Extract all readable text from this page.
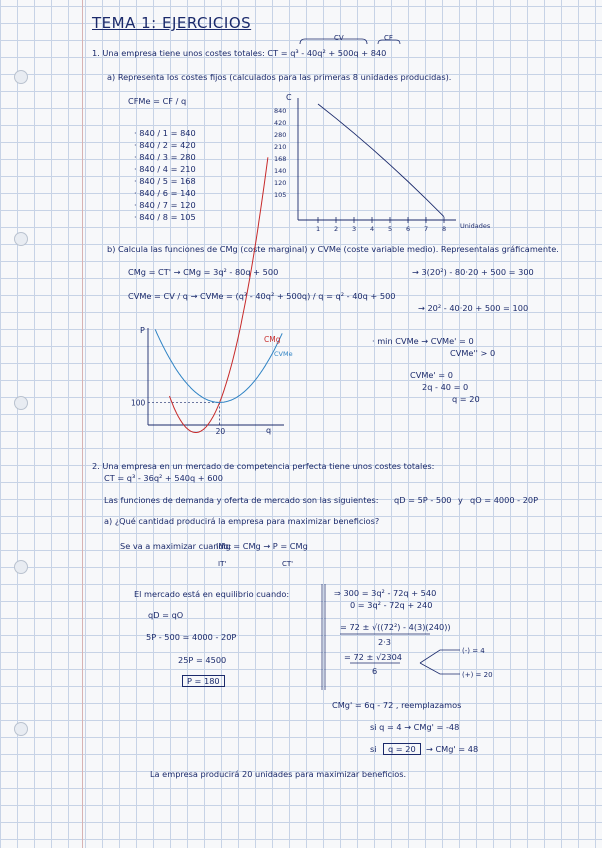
TEMA 1: EJERCICIOS
CV	CF
1. Una empresa tiene unos costes totales: CT = q³ - 40q² + 500q + 840
a) Representa los costes fijos (calculados para las primeras 8 unidades producidas).
CFMe = CF / q
· 840 / 1 = 840
· 840 / 2 = 420
· 840 / 3 = 280
· 840 / 4 = 210
· 840 / 5 = 168
· 840 / 6 = 140
· 840 / 7 = 120
· 840 / 8 = 105
C
Unidades
840
420
280
210
168
140
120
105
1 2 3 4 5 6 7 8
b) Calcula las funciones de CMg (coste marginal) y CVMe (coste variable medio). Representalas gráficamente.
CMg = CT' → CMg = 3q² - 80q + 500	→ 3(20²) - 80·20 + 500 = 300
CVMe = CV / q → CVMe = (q³ - 40q² + 500q) / q = q² - 40q + 500
→ 20² - 40·20 + 500 = 100
P
q
100
20
CMg
CVMe
· min CVMe → CVMe' = 0
CVMe'' > 0
CVMe' = 0
2q - 40 = 0
q = 20
2. Una empresa en un mercado de competencia perfecta tiene unos costes totales:
CT = q³ - 36q² + 540q + 600
Las funciones de demanda y oferta de mercado son las siguientes: qD = 5P - 500 y qO = 4000 - 20P
a) ¿Qué cantidad producirá la empresa para maximizar beneficios?
Se va a maximizar cuando:
IMg = CMg → P = CMg
IT'	CT'
El mercado está en equilibrio cuando:
qD = qO
5P - 500 = 4000 - 20P
25P = 4500
P = 180
⇒ 300 = 3q² - 72q + 540
0 = 3q² - 72q + 240
= 72 ± √((72²) - 4(3)(240))
2·3
= 72 ± √2304
6
(-) = 4
(+) = 20
CMg' = 6q - 72 , reemplazamos
si q = 4 → CMg' = -48
si	q = 20	→ CMg' = 48
La empresa producirá 20 unidades para maximizar beneficios.
